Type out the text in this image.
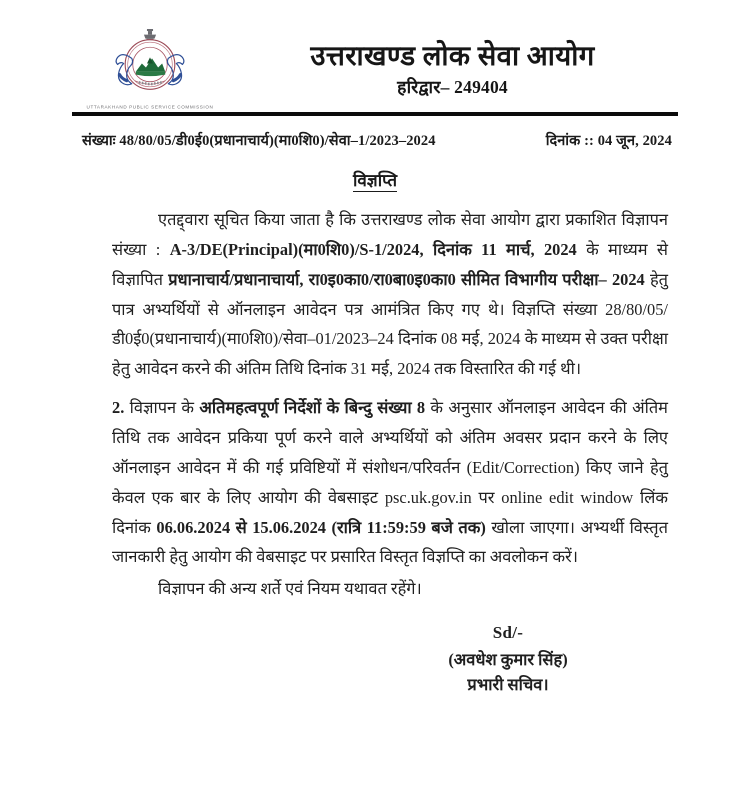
UTTARAKHAND PUBLIC SERVICE COMMISSION
उत्तराखण्ड लोक सेवा आयोग
हरिद्वार– 249404
संख्याः 48/80/05/डी0ई0(प्रधानाचार्य)(मा0शि0)/सेवा–1/2023–2024	दिनांक :: 04 जून, 2024
विज्ञप्ति

एतद्द्वारा सूचित किया जाता है कि उत्तराखण्ड लोक सेवा आयोग द्वारा प्रकाशित विज्ञापन संख्या : A-3/DE(Principal)(मा0शि0)/S-1/2024, दिनांक 11 मार्च, 2024 के माध्यम से विज्ञापित प्रधानाचार्य/प्रधानाचार्या, रा0इ0का0/रा0बा0इ0का0 सीमित विभागीय परीक्षा– 2024 हेतु पात्र अभ्यर्थियों से ऑनलाइन आवेदन पत्र आमंत्रित किए गए थे। विज्ञप्ति संख्या 28/80/05/डी0ई0(प्रधानाचार्य)(मा0शि0)/सेवा–01/2023–24 दिनांक 08 मई, 2024 के माध्यम से उक्त परीक्षा हेतु आवेदन करने की अंतिम तिथि दिनांक 31 मई, 2024 तक विस्तारित की गई थी।

2. विज्ञापन के अतिमहत्वपूर्ण निर्देशों के बिन्दु संख्या 8 के अनुसार ऑनलाइन आवेदन की अंतिम तिथि तक आवेदन प्रकिया पूर्ण करने वाले अभ्यर्थियों को अंतिम अवसर प्रदान करने के लिए ऑनलाइन आवेदन में की गई प्रविष्टियों में संशोधन/परिवर्तन (Edit/Correction) किए जाने हेतु केवल एक बार के लिए आयोग की वेबसाइट psc.uk.gov.in पर online edit window लिंक दिनांक 06.06.2024 से 15.06.2024 (रात्रि 11:59:59 बजे तक) खोला जाएगा। अभ्यर्थी विस्तृत जानकारी हेतु आयोग की वेबसाइट पर प्रसारित विस्तृत विज्ञप्ति का अवलोकन करें।

विज्ञापन की अन्य शर्ते एवं नियम यथावत रहेंगे।

Sd/-
(अवधेश कुमार सिंह)
प्रभारी सचिव।
